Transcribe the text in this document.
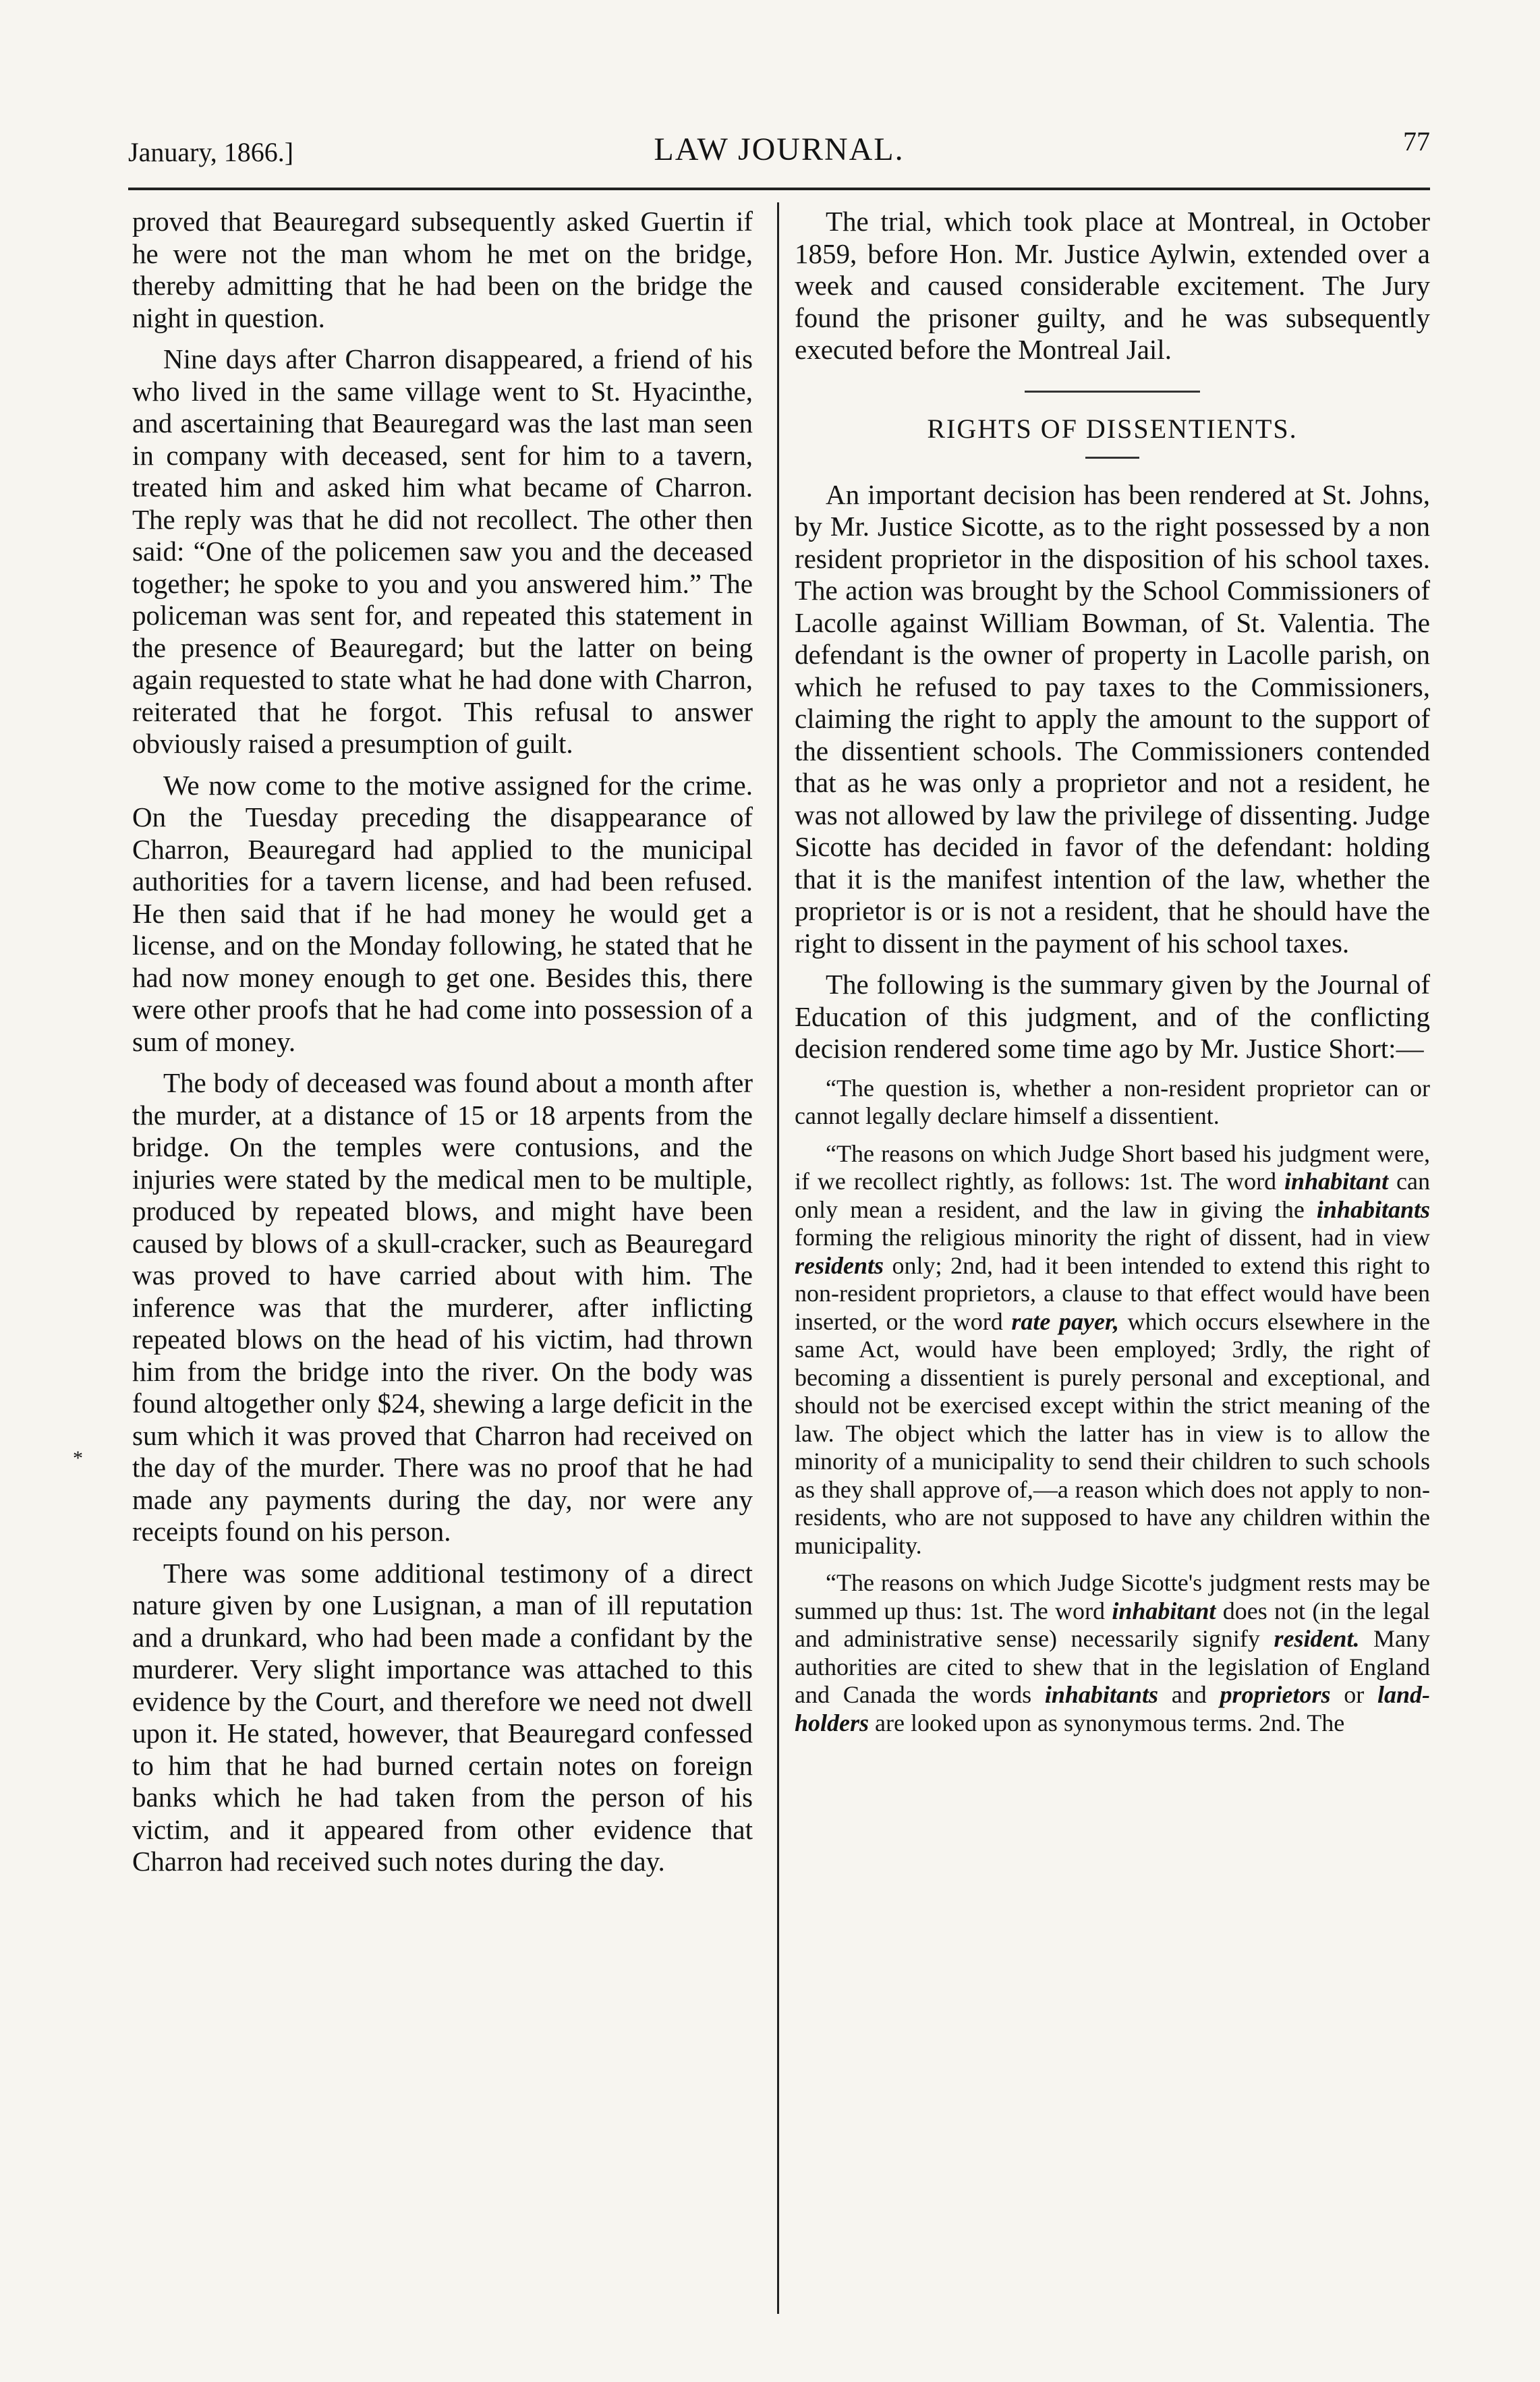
January, 1866.]	LAW JOURNAL.	77
*

proved that Beauregard subsequently asked Guertin if he were not the man whom he met on the bridge, thereby admitting that he had been on the bridge the night in question.

Nine days after Charron disappeared, a friend of his who lived in the same village went to St. Hyacinthe, and ascertaining that Beauregard was the last man seen in company with deceased, sent for him to a tavern, treated him and asked him what became of Charron. The reply was that he did not recollect. The other then said: “One of the policemen saw you and the deceased together; he spoke to you and you answered him.” The policeman was sent for, and repeated this statement in the presence of Beauregard; but the latter on being again requested to state what he had done with Charron, reiterated that he forgot. This refusal to answer obviously raised a presumption of guilt.

We now come to the motive assigned for the crime. On the Tuesday preceding the disappearance of Charron, Beauregard had applied to the municipal authorities for a tavern license, and had been refused. He then said that if he had money he would get a license, and on the Monday following, he stated that he had now money enough to get one. Besides this, there were other proofs that he had come into possession of a sum of money.

The body of deceased was found about a month after the murder, at a distance of 15 or 18 arpents from the bridge. On the temples were contusions, and the injuries were stated by the medical men to be multiple, produced by repeated blows, and might have been caused by blows of a skull-cracker, such as Beauregard was proved to have carried about with him. The inference was that the murderer, after inflicting repeated blows on the head of his victim, had thrown him from the bridge into the river. On the body was found altogether only $24, shewing a large deficit in the sum which it was proved that Charron had received on the day of the murder. There was no proof that he had made any payments during the day, nor were any receipts found on his person.

There was some additional testimony of a direct nature given by one Lusignan, a man of ill reputation and a drunkard, who had been made a confidant by the murderer. Very slight importance was attached to this evidence by the Court, and therefore we need not dwell upon it. He stated, however, that Beauregard confessed to him that he had burned certain notes on foreign banks which he had taken from the person of his victim, and it appeared from other evidence that Charron had received such notes during the day.

The trial, which took place at Montreal, in October 1859, before Hon. Mr. Justice Aylwin, extended over a week and caused considerable excitement. The Jury found the prisoner guilty, and he was subsequently executed before the Montreal Jail.

RIGHTS OF DISSENTIENTS.

An important decision has been rendered at St. Johns, by Mr. Justice Sicotte, as to the right possessed by a non resident proprietor in the disposition of his school taxes. The action was brought by the School Commissioners of Lacolle against William Bowman, of St. Valentia. The defendant is the owner of property in Lacolle parish, on which he refused to pay taxes to the Commissioners, claiming the right to apply the amount to the support of the dissentient schools. The Commissioners contended that as he was only a proprietor and not a resident, he was not allowed by law the privilege of dissenting. Judge Sicotte has decided in favor of the defendant: holding that it is the manifest intention of the law, whether the proprietor is or is not a resident, that he should have the right to dissent in the payment of his school taxes.

The following is the summary given by the Journal of Education of this judgment, and of the conflicting decision rendered some time ago by Mr. Justice Short:—

“The question is, whether a non-resident proprietor can or cannot legally declare himself a dissentient.

“The reasons on which Judge Short based his judgment were, if we recollect rightly, as follows: 1st. The word inhabitant can only mean a resident, and the law in giving the inhabitants forming the religious minority the right of dissent, had in view residents only; 2nd, had it been intended to extend this right to non-resident proprietors, a clause to that effect would have been inserted, or the word rate payer, which occurs elsewhere in the same Act, would have been employed; 3rdly, the right of becoming a dissentient is purely personal and exceptional, and should not be exercised except within the strict meaning of the law. The object which the latter has in view is to allow the minority of a municipality to send their children to such schools as they shall approve of,—a reason which does not apply to non-residents, who are not supposed to have any children within the municipality.

“The reasons on which Judge Sicotte's judgment rests may be summed up thus: 1st. The word inhabitant does not (in the legal and administrative sense) necessarily signify resident. Many authorities are cited to shew that in the legislation of England and Canada the words inhabitants and proprietors or land-holders are looked upon as synonymous terms. 2nd. The
